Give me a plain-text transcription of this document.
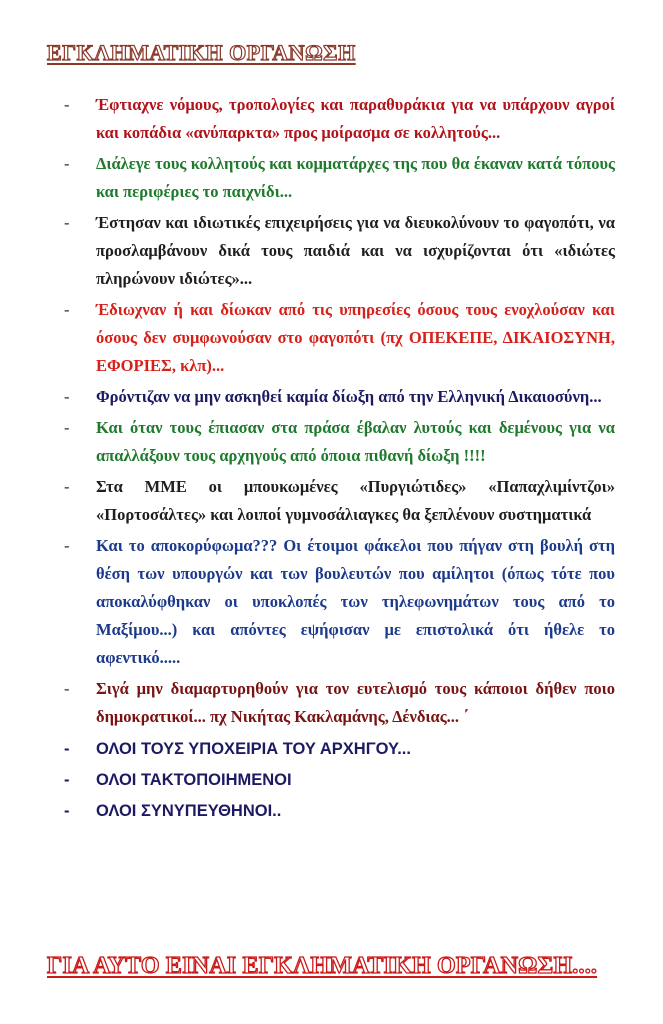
ΕΓΚΛΗΜΑΤΙΚΗ ΟΡΓΑΝΩΣΗ
- Έφτιαχνε νόμους, τροπολογίες και παραθυράκια για να υπάρχουν αγροί και κοπάδια «ανύπαρκτα» προς μοίρασμα σε κολλητούς...
- Διάλεγε τους κολλητούς και κομματάρχες της που θα έκαναν κατά τόπους και περιφέριες το παιχνίδι...
- Έστησαν και ιδιωτικές επιχειρήσεις για να διευκολύνουν το φαγοπότι, να προσλαμβάνουν δικά τους παιδιά και να ισχυρίζονται ότι «ιδιώτες πληρώνουν ιδιώτες»...
- Έδιωχναν ή και δίωκαν από τις υπηρεσίες όσους τους ενοχλούσαν και όσους δεν συμφωνούσαν στο φαγοπότι (πχ ΟΠΕΚΕΠΕ, ΔΙΚΑΙΟΣΥΝΗ, ΕΦΟΡΙΕΣ, κλπ)...
- Φρόντιζαν να μην ασκηθεί καμία δίωξη από την Ελληνική Δικαιοσύνη...
- Και όταν τους έπιασαν στα πράσα έβαλαν λυτούς και δεμένους για να απαλλάξουν τους αρχηγούς από όποια πιθανή δίωξη !!!!
- Στα ΜΜΕ οι μπουκωμένες «Πυργιώτιδες» «Παπαχλιμίντζοι» «Πορτοσάλτες» και λοιποί γυμνοσάλιαγκες θα ξεπλένουν συστηματικά
- Και το αποκορύφωμα??? Οι έτοιμοι φάκελοι που πήγαν στη βουλή στη θέση των υπουργών και των βουλευτών που αμίλητοι (όπως τότε που αποκαλύφθηκαν οι υποκλοπές των τηλεφωνημάτων τους από το Μαξίμου...) και απόντες εψήφισαν με επιστολικά ότι ήθελε το αφεντικό.....
- Σιγά μην διαμαρτυρηθούν για τον ευτελισμό τους κάποιοι δήθεν ποιο δημοκρατικοί... πχ Νικήτας Κακλαμάνης, Δένδιας... ΄
- ΟΛΟΙ ΤΟΥΣ ΥΠΟΧΕΙΡΙΑ ΤΟΥ ΑΡΧΗΓΟΥ...
- ΟΛΟΙ ΤΑΚΤΟΠΟΙΗΜΕΝΟΙ
- ΟΛΟΙ ΣΥΝΥΠΕΥΘΗΝΟΙ..
ΓΙΑ ΑΥΤΟ ΕΙΝΑΙ ΕΓΚΛΗΜΑΤΙΚΗ ΟΡΓΑΝΩΣΗ....
